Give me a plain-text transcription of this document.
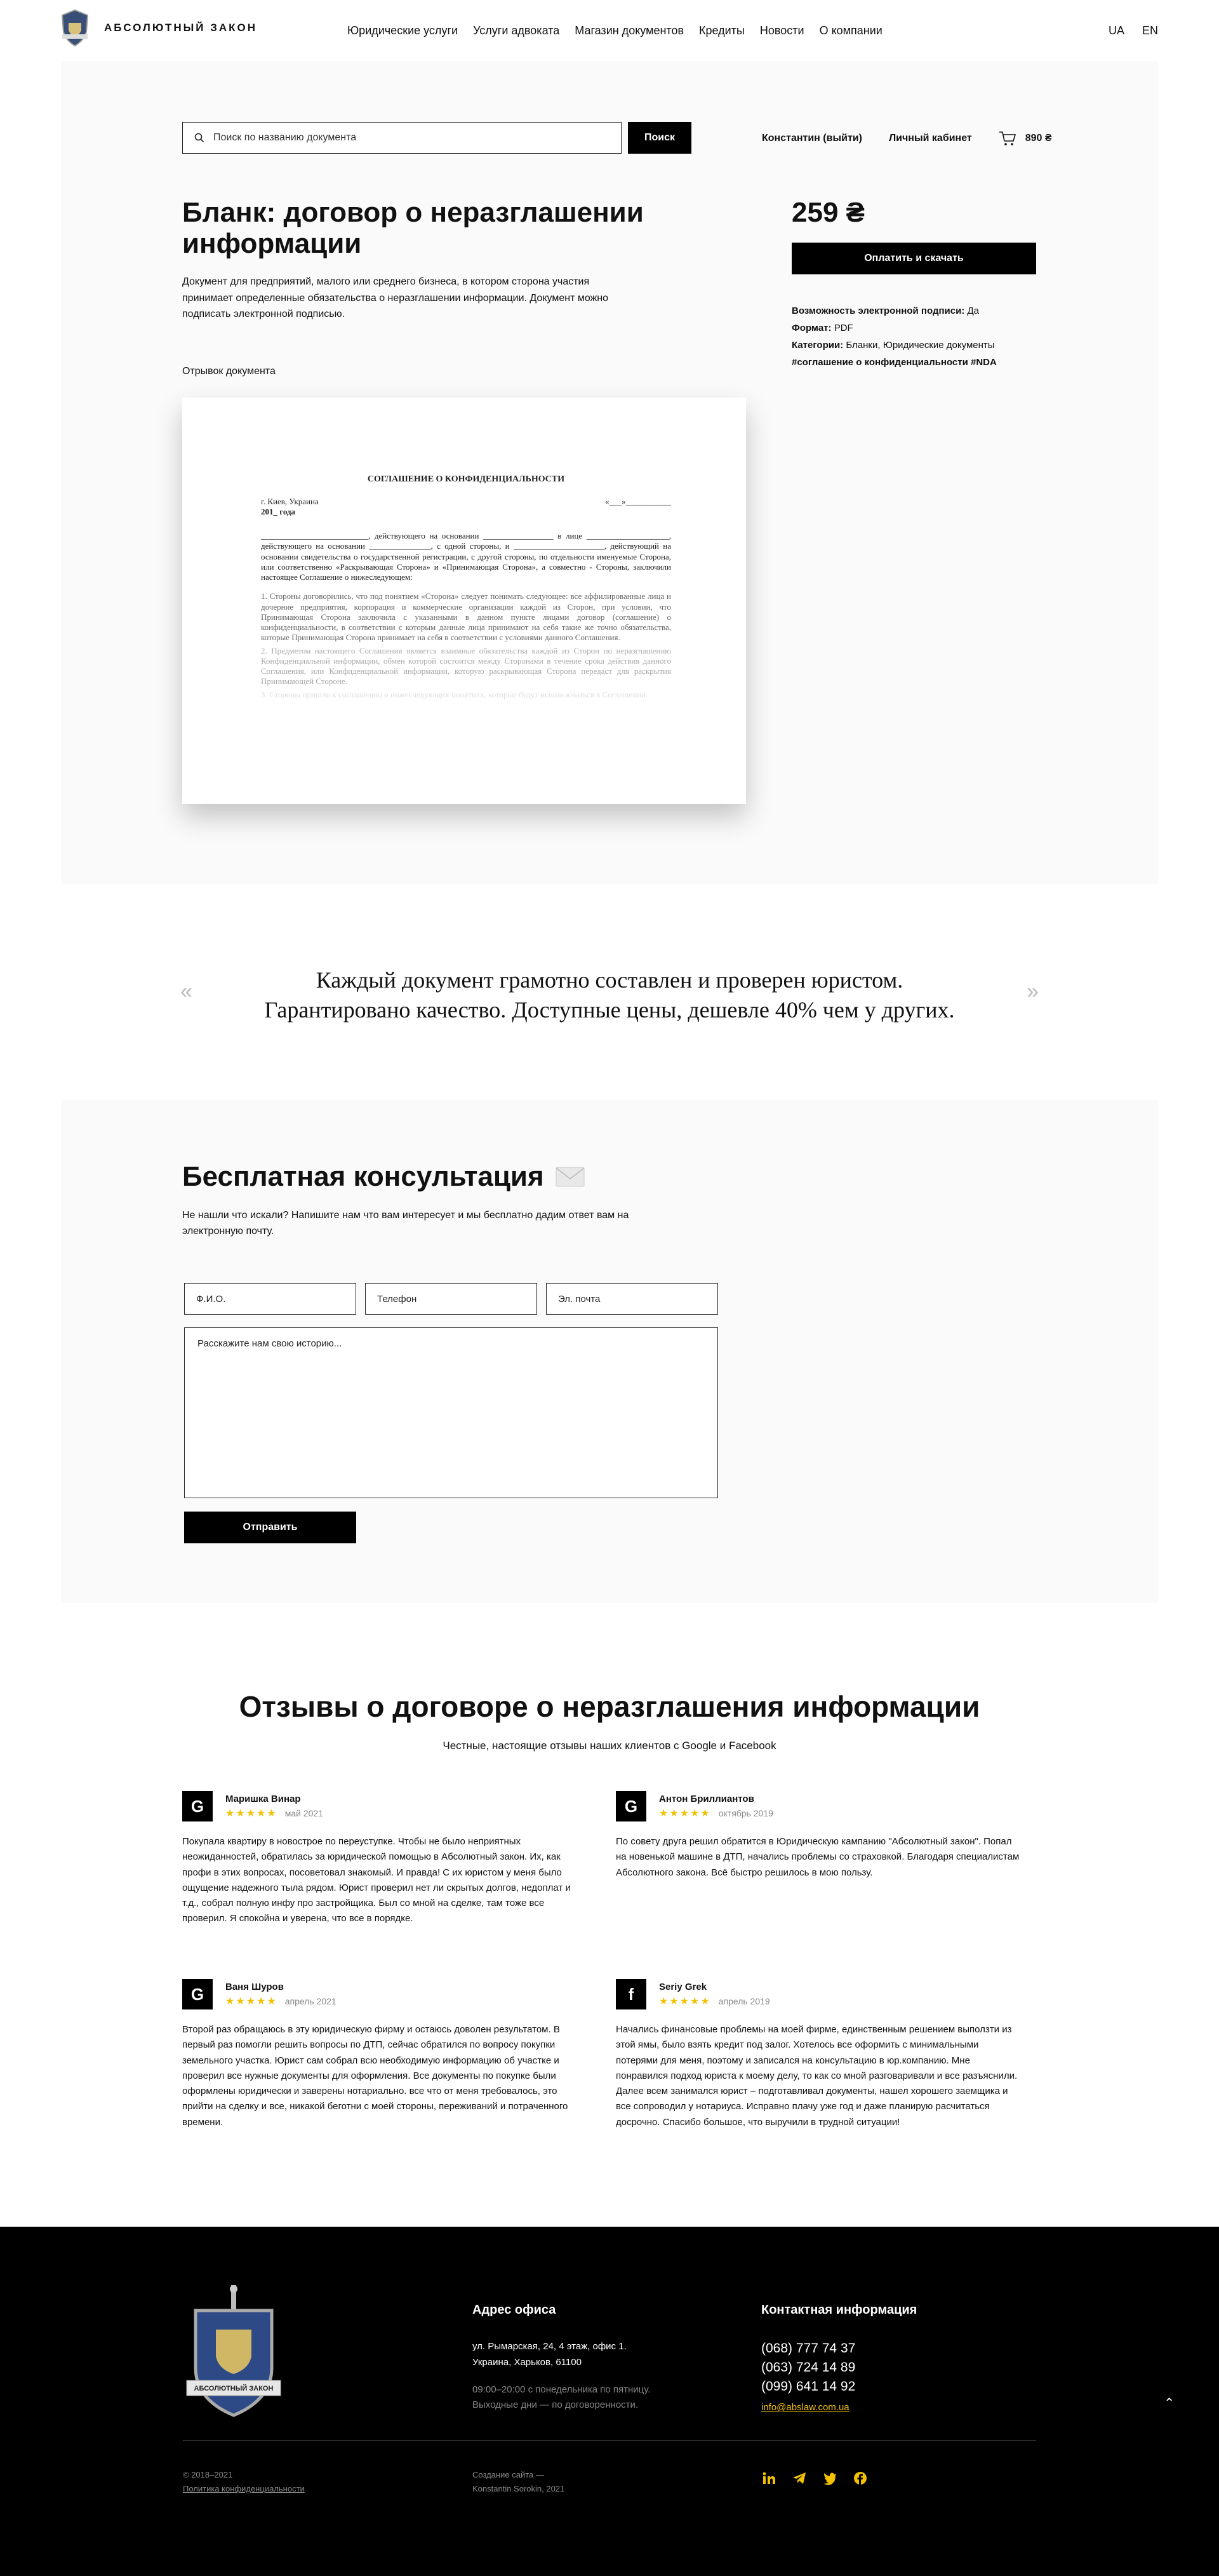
АБСОЛЮТНЫЙ ЗАКОН	Юридические услуги Услуги адвоката Магазин документов Кредиты Новости О компании	UA EN
Поиск по названию документа
Поиск	Константин (выйти)	Личный кабинет	890 ₴
Бланк: договор о неразглашении информации

Документ для предприятий, малого или среднего бизнеса, в котором сторона участия принимает определенные обязательства о неразглашении информации. Документ можно подписать электронной подписью.

259 ₴
Оплатить и скачать
Возможность электронной подписи: Да
Формат: PDF
Категории: Бланки, Юридические документы
#соглашение о конфиденциальности #NDA
Отрывок документа
СОГЛАШЕНИЕ О КОНФИДЕНЦИАЛЬНОСТИ
г. Киев, Украина	«___»___________
201_ года

__________________________, действующего на основании _________________ в лице ____________________, действующего на основании _______________, с одной стороны, и ______________________, действующий на основании свидетельства о государственной регистрации, с другой стороны, по отдельности именуемые Сторона, или соответственно «Раскрывающая Сторона» и «Принимающая Сторона», а совместно - Стороны, заключили настоящее Соглашение о нижеследующем:

1. Стороны договорились, что под понятием «Сторона» следует понимать следующее: все аффилированные лица и дочерние предприятия, корпорация и коммерческие организации каждой из Сторон, при условии, что Принимающая Сторона заключила с указанными в данном пункте лицами договор (соглашение) о конфиденциальности, в соответствии с которым данные лица принимают на себя такие же точно обязательства, которые Принимающая Сторона принимает на себя в соответствии с условиями данного Соглашения.

2. Предметом настоящего Соглашения является взаимные обязательства каждой из Сторон по неразглашению Конфиденциальной информации, обмен которой состоится между Сторонами в течение срока действия данного Соглашения, или Конфиденциальной информации, которую раскрывающая Сторона передаст для раскрытия Принимающей Стороне.

3. Стороны пришли к соглашению о нижеследующих понятиях, которые будут использоваться в Соглашении.

«	Каждый документ грамотно составлен и проверен юристом.
Гарантировано качество. Доступные цены, дешевле 40% чем у других.
»
Бесплатная консультация

Не нашли что искали? Напишите нам что вам интересует и мы бесплатно дадим ответ вам на электронную почту.

Ф.И.О.
Телефон
Эл. почта
Расскажите нам свою историю...
Отправить
Отзывы о договоре о неразглашения информации

Честные, настоящие отзывы наших клиентов с Google и Facebook

G	Маришка Винар
★★★★★ май 2021

Покупала квартиру в новострое по переуступке. Чтобы не было неприятных неожиданностей, обратилась за юридической помощью в Абсолютный закон. Их, как профи в этих вопросах, посоветовал знакомый. И правда! С их юристом у меня было ощущение надежного тыла рядом. Юрист проверил нет ли скрытых долгов, недоплат и т.д., собрал полную инфу про застройщика. Был со мной на сделке, там тоже все проверил. Я спокойна и уверена, что все в порядке.

G	Антон Бриллиантов
★★★★★ октябрь 2019

По совету друга решил обратится в Юридическую кампанию "Абсолютный закон". Попал на новенькой машине в ДТП, начались проблемы со страховкой. Благодаря специалистам Абсолютного закона. Всё быстро решилось в мою пользу.

G	Ваня Шуров
★★★★★ апрель 2021

Второй раз обращаюсь в эту юридическую фирму и остаюсь доволен результатом. В первый раз помогли решить вопросы по ДТП, сейчас обратился по вопросу покупки земельного участка. Юрист сам собрал всю необходимую информацию об участке и проверил все нужные документы для оформления. Все документы по покупке были оформлены юридически и заверены нотариально. все что от меня требовалось, это прийти на сделку и все, никакой беготни с моей стороны, переживаний и потраченного времени.

f	Seriy Grek
★★★★★ апрель 2019

Начались финансовые проблемы на моей фирме, единственным решением выползти из этой ямы, было взять кредит под залог. Хотелось все оформить с минимальными потерями для меня, поэтому и записался на консультацию в юр.компанию. Мне понравился подход юриста к моему делу, то как со мной разговаривали и все разъяснили. Далее всем занимался юрист – подготавливал документы, нашел хорошего заемщика и все сопроводил у нотариуса. Исправно плачу уже год и даже планирую расчитаться досрочно. Спасибо большое, что выручили в трудной ситуации!

АБСОЛЮТНЫЙ ЗАКОН
Адрес офиса
ул. Рымарская, 24, 4 этаж, офис 1.
Украина, Харьков, 61100
09:00–20:00 с понедельника по пятницу.
Выходные дни — по договоренности.
Контактная информация
(068) 777 74 37
(063) 724 14 89
(099) 641 14 92
info@abslaw.com.ua	⌃
© 2018–2021
Политика конфиденциальности
Создание сайта —
Konstantin Sorokin, 2021
